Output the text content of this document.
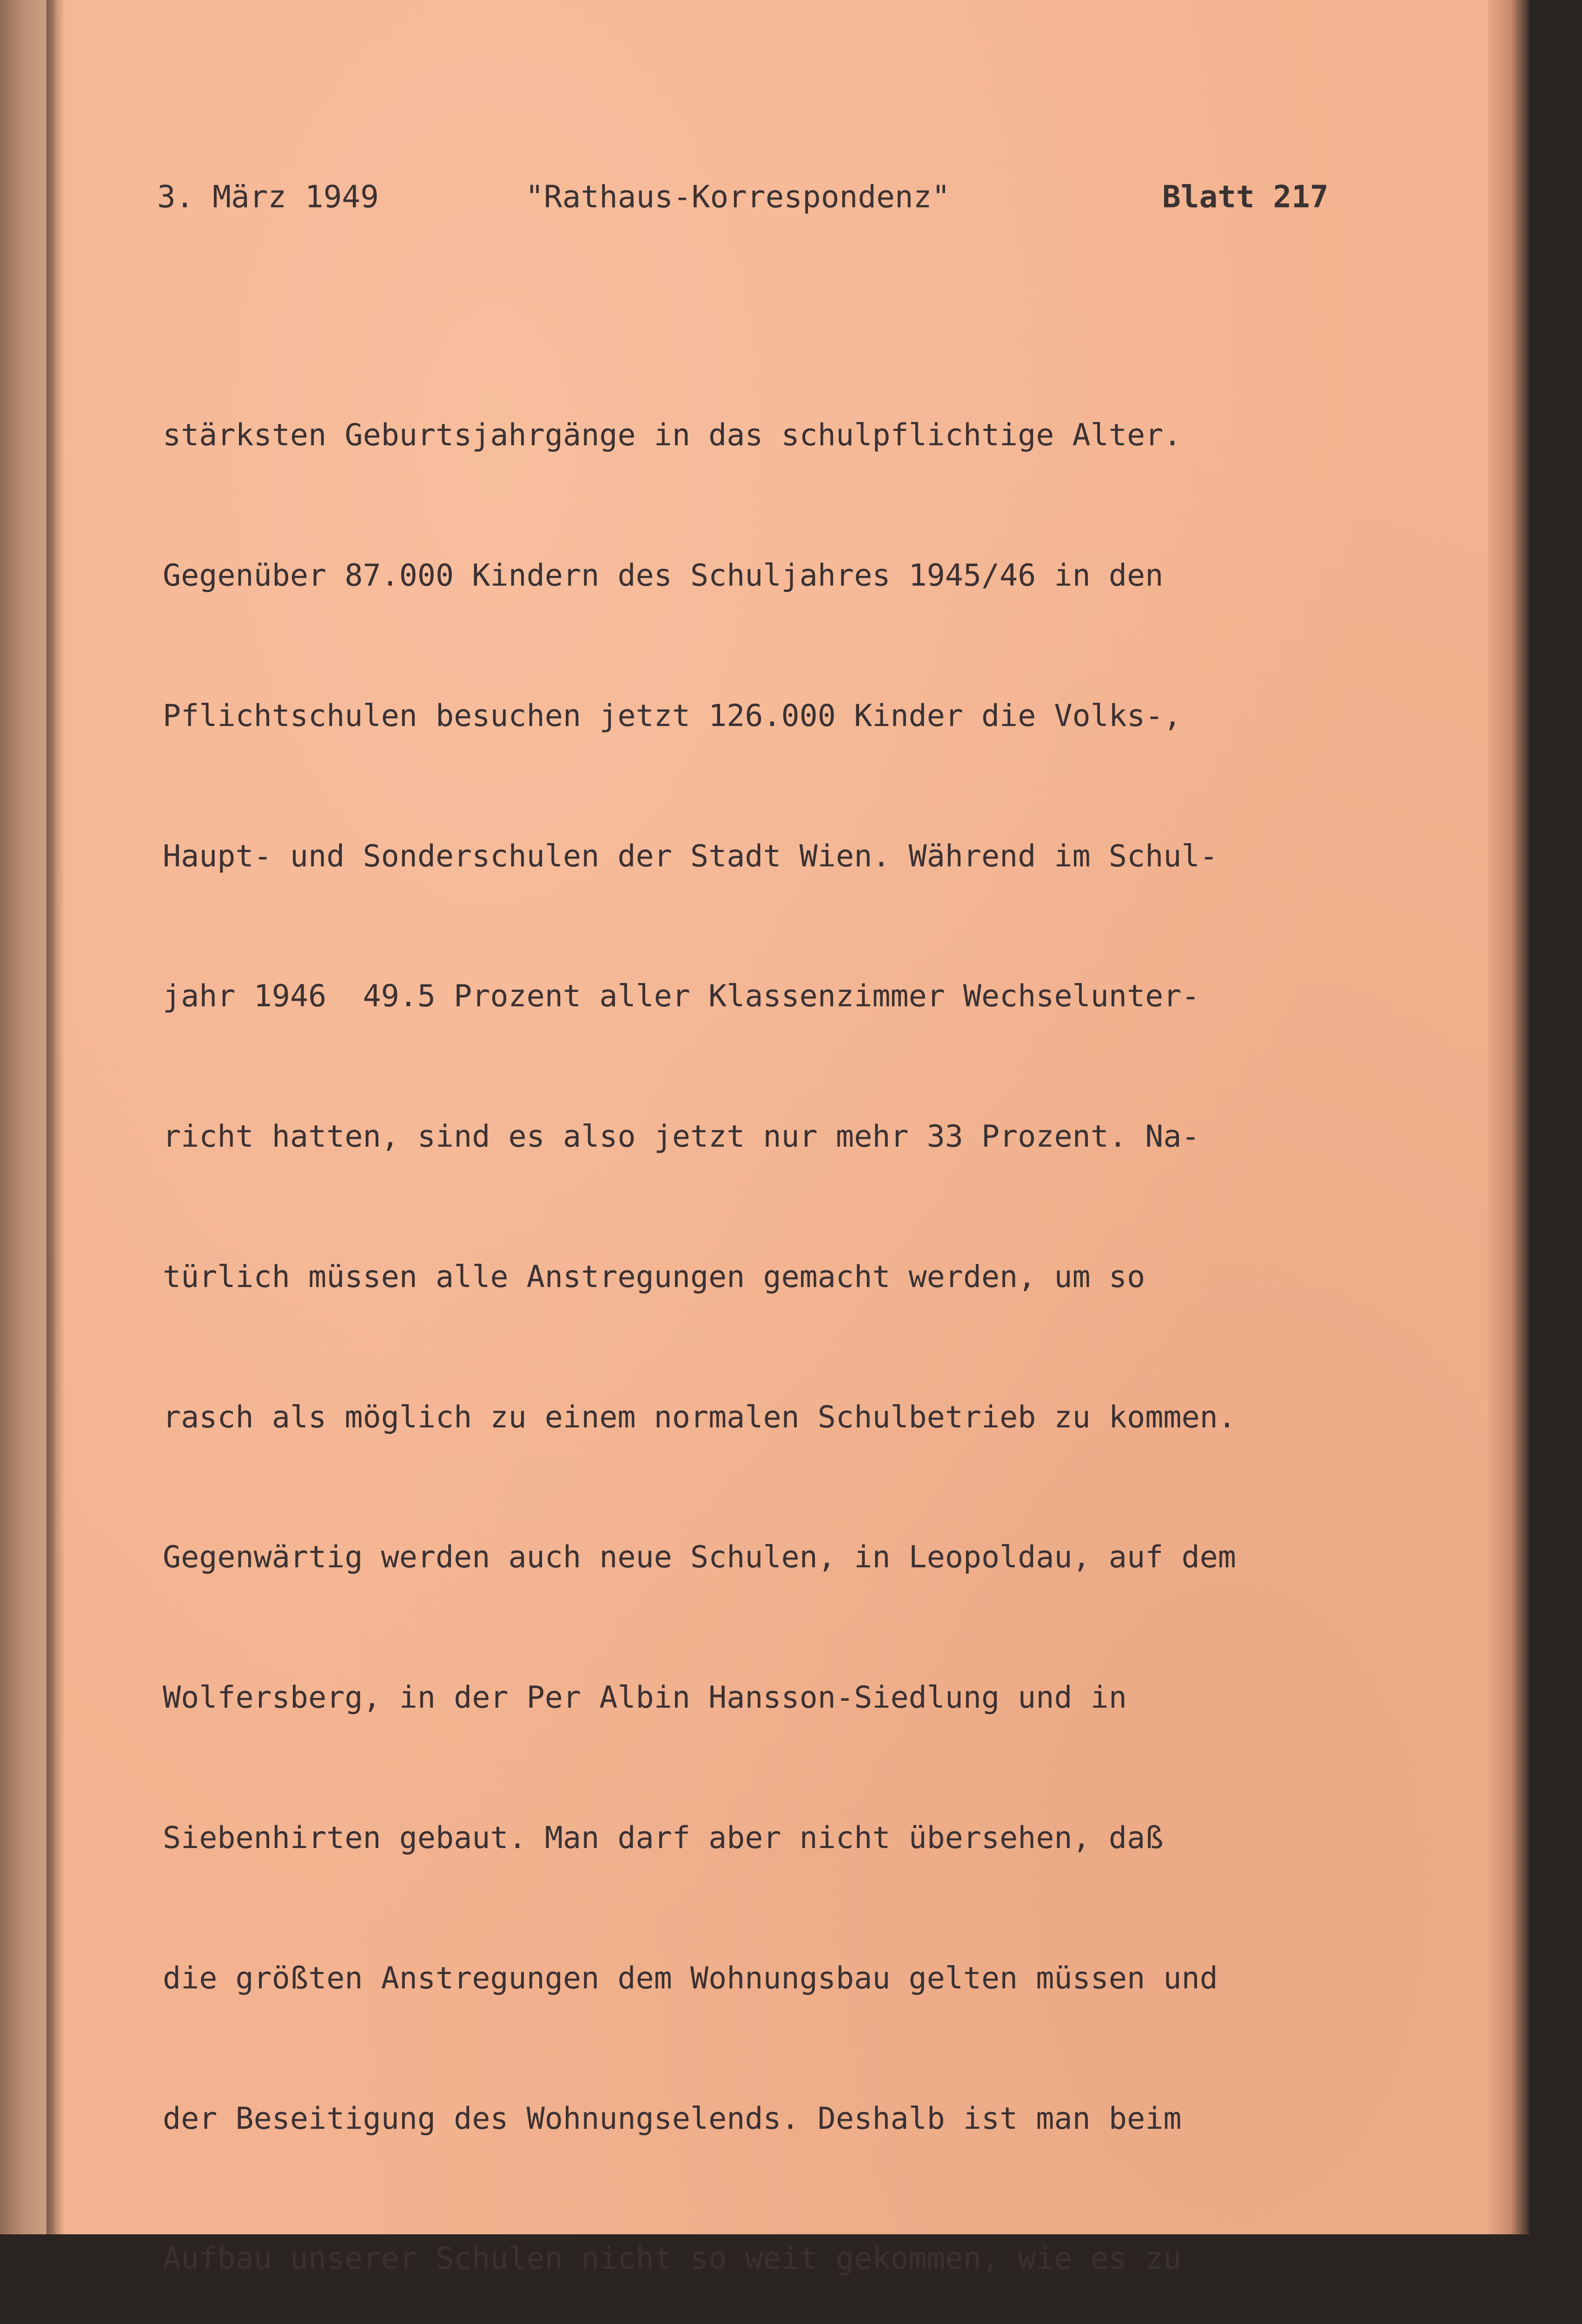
3. März 1949	"Rathaus-Korrespondenz"	Blatt 217

stärksten Geburtsjahrgänge in das schulpflichtige Alter.

Gegenüber 87.000 Kindern des Schuljahres 1945/46 in den

Pflichtschulen besuchen jetzt 126.000 Kinder die Volks-,

Haupt- und Sonderschulen der Stadt Wien. Während im Schul-

jahr 1946  49.5 Prozent aller Klassenzimmer Wechselunter-

richt hatten, sind es also jetzt nur mehr 33 Prozent. Na-

türlich müssen alle Anstregungen gemacht werden, um so

rasch als möglich zu einem normalen Schulbetrieb zu kommen.

Gegenwärtig werden auch neue Schulen, in Leopoldau, auf dem

Wolfersberg, in der Per Albin Hansson-Siedlung und in

Siebenhirten gebaut. Man darf aber nicht übersehen, daß

die größten Anstregungen dem Wohnungsbau gelten müssen und

der Beseitigung des Wohnungselends. Deshalb ist man beim

Aufbau unserer Schulen nicht so weit gekommen, wie es zu
